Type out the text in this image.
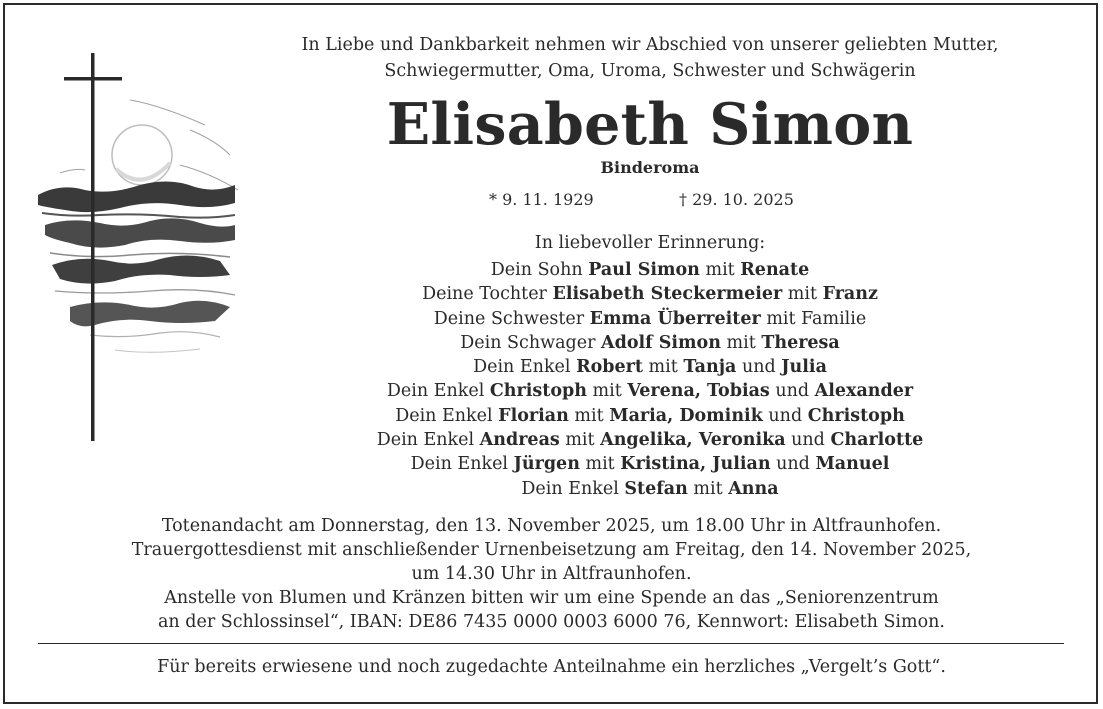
In Liebe und Dankbarkeit nehmen wir Abschied von unserer geliebten Mutter,
Schwiegermutter, Oma, Uroma, Schwester und Schwägerin
Elisabeth Simon
Binderoma
* 9. 11. 1929	† 29. 10. 2025
In liebevoller Erinnerung:
Dein Sohn Paul Simon mit Renate
Deine Tochter Elisabeth Steckermeier mit Franz
Deine Schwester Emma Überreiter mit Familie
Dein Schwager Adolf Simon mit Theresa
Dein Enkel Robert mit Tanja und Julia
Dein Enkel Christoph mit Verena, Tobias und Alexander
Dein Enkel Florian mit Maria, Dominik und Christoph
Dein Enkel Andreas mit Angelika, Veronika und Charlotte
Dein Enkel Jürgen mit Kristina, Julian und Manuel
Dein Enkel Stefan mit Anna
Totenandacht am Donnerstag, den 13. November 2025, um 18.00 Uhr in Altfraunhofen.
Trauergottesdienst mit anschließender Urnenbeisetzung am Freitag, den 14. November 2025,
um 14.30 Uhr in Altfraunhofen.
Anstelle von Blumen und Kränzen bitten wir um eine Spende an das „Seniorenzentrum
an der Schlossinsel“, IBAN: DE86 7435 0000 0003 6000 76, Kennwort: Elisabeth Simon.
Für bereits erwiesene und noch zugedachte Anteilnahme ein herzliches „Vergelt’s Gott“.
